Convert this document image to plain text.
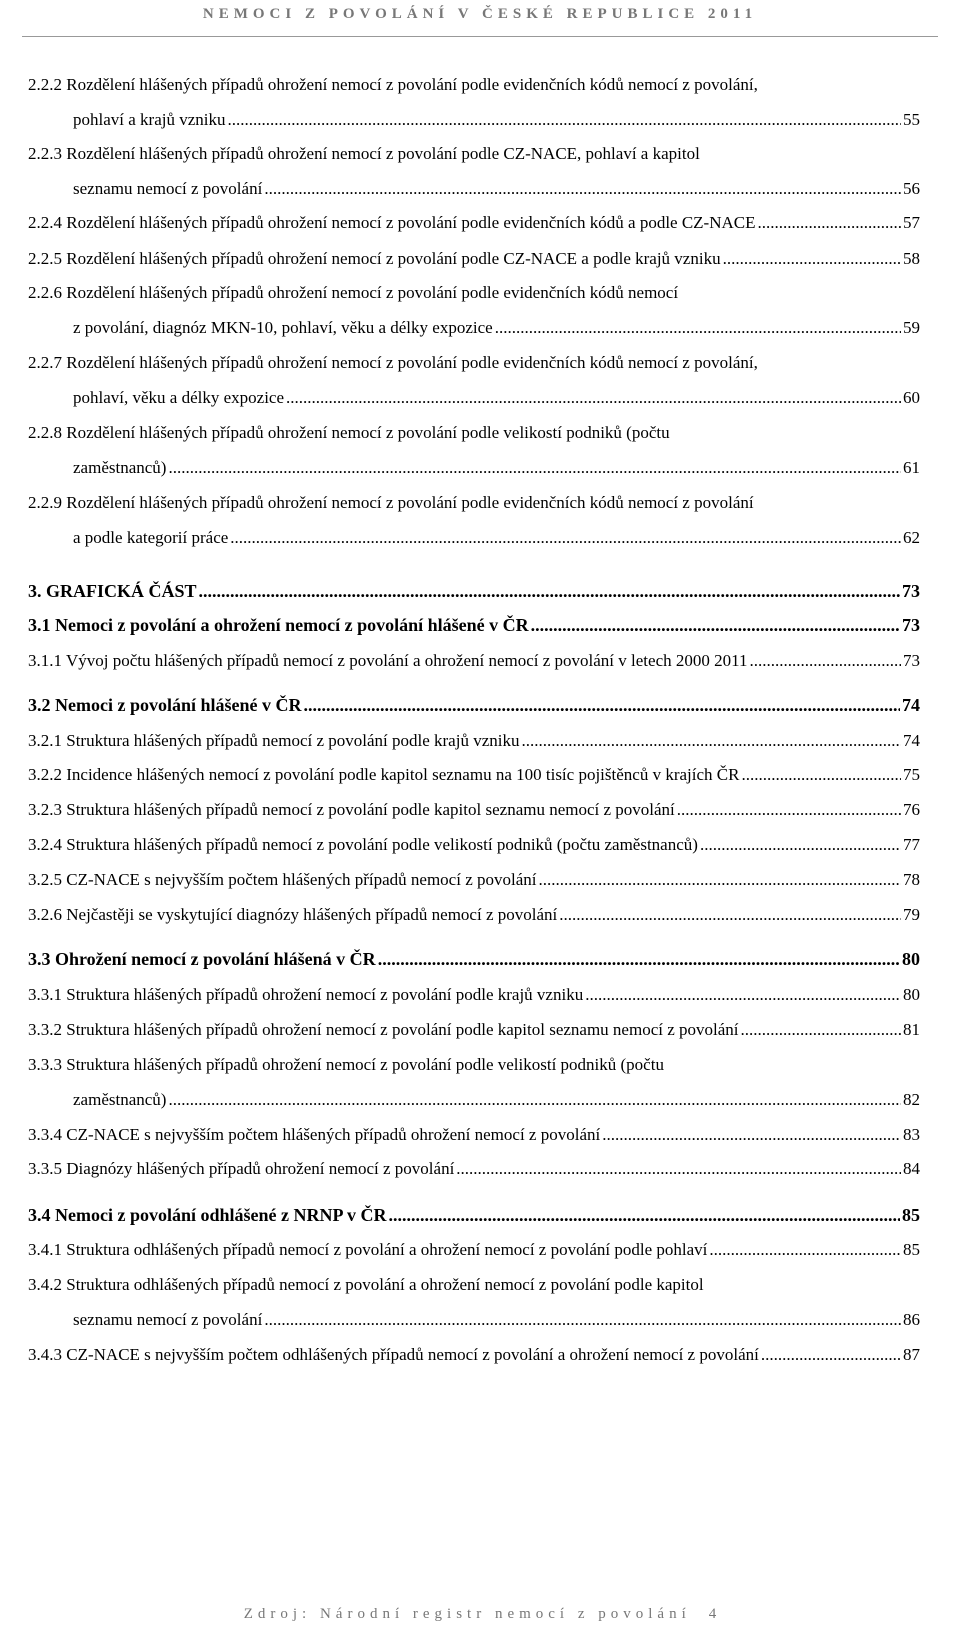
NEMOCI Z POVOLÁNÍ V ČESKÉ REPUBLICE 2011
2.2.2 Rozdělení hlášených případů ohrožení nemocí z povolání podle evidenčních kódů nemocí z povolání,
pohlaví a krajů vzniku .....	55
2.2.3 Rozdělení hlášených případů ohrožení nemocí z povolání podle CZ-NACE, pohlaví a kapitol
seznamu nemocí z povolání .....	56
2.2.4 Rozdělení hlášených případů ohrožení nemocí z povolání podle evidenčních kódů a podle CZ-NACE .....	57
2.2.5 Rozdělení hlášených případů ohrožení nemocí z povolání podle CZ-NACE a podle krajů vzniku .....	58
2.2.6 Rozdělení hlášených případů ohrožení nemocí z povolání podle evidenčních kódů nemocí
z povolání, diagnóz MKN-10, pohlaví, věku a délky expozice .....	59
2.2.7 Rozdělení hlášených případů ohrožení nemocí z povolání podle evidenčních kódů nemocí z povolání,
pohlaví, věku a délky expozice .....	60
2.2.8 Rozdělení hlášených případů ohrožení nemocí z povolání podle velikostí podniků (počtu
zaměstnanců) .....	61
2.2.9 Rozdělení hlášených případů ohrožení nemocí z povolání podle evidenčních kódů nemocí z povolání
a podle kategorií práce .....	62
3. GRAFICKÁ ČÁST .....	73
3.1 Nemoci z povolání a ohrožení nemocí z povolání hlášené v ČR .....	73
3.1.1 Vývoj počtu hlášených případů nemocí z povolání a ohrožení nemocí z povolání v letech 2000 2011 .....	73
3.2 Nemoci z povolání hlášené v ČR .....	74
3.2.1 Struktura hlášených případů nemocí z povolání podle krajů vzniku .....	74
3.2.2 Incidence hlášených nemocí z povolání podle kapitol seznamu na 100 tisíc pojištěnců v krajích ČR .....	75
3.2.3 Struktura hlášených případů nemocí z povolání podle kapitol seznamu nemocí z povolání .....	76
3.2.4 Struktura hlášených případů nemocí z povolání podle velikostí podniků (počtu zaměstnanců) .....	77
3.2.5 CZ-NACE s nejvyšším počtem hlášených případů nemocí z povolání .....	78
3.2.6 Nejčastěji se vyskytující diagnózy hlášených případů nemocí z povolání .....	79
3.3 Ohrožení nemocí z povolání hlášená v ČR .....	80
3.3.1 Struktura hlášených případů ohrožení nemocí z povolání podle krajů vzniku .....	80
3.3.2 Struktura hlášených případů ohrožení nemocí z povolání podle kapitol seznamu nemocí z povolání .....	81
3.3.3 Struktura hlášených případů ohrožení nemocí z povolání podle velikostí podniků (počtu
zaměstnanců) .....	82
3.3.4 CZ-NACE s nejvyšším počtem hlášených případů ohrožení nemocí z povolání .....	83
3.3.5 Diagnózy hlášených případů ohrožení nemocí z povolání .....	84
3.4 Nemoci z povolání odhlášené z NRNP v ČR .....	85
3.4.1 Struktura odhlášených případů nemocí z povolání a ohrožení nemocí z povolání podle pohlaví .....	85
3.4.2 Struktura odhlášených případů nemocí z povolání a ohrožení nemocí z povolání podle kapitol
seznamu nemocí z povolání .....	86
3.4.3 CZ-NACE s nejvyšším počtem odhlášených případů nemocí z povolání a ohrožení nemocí z povolání .....	87
Zdroj: Národní registr nemocí z povolání 4
